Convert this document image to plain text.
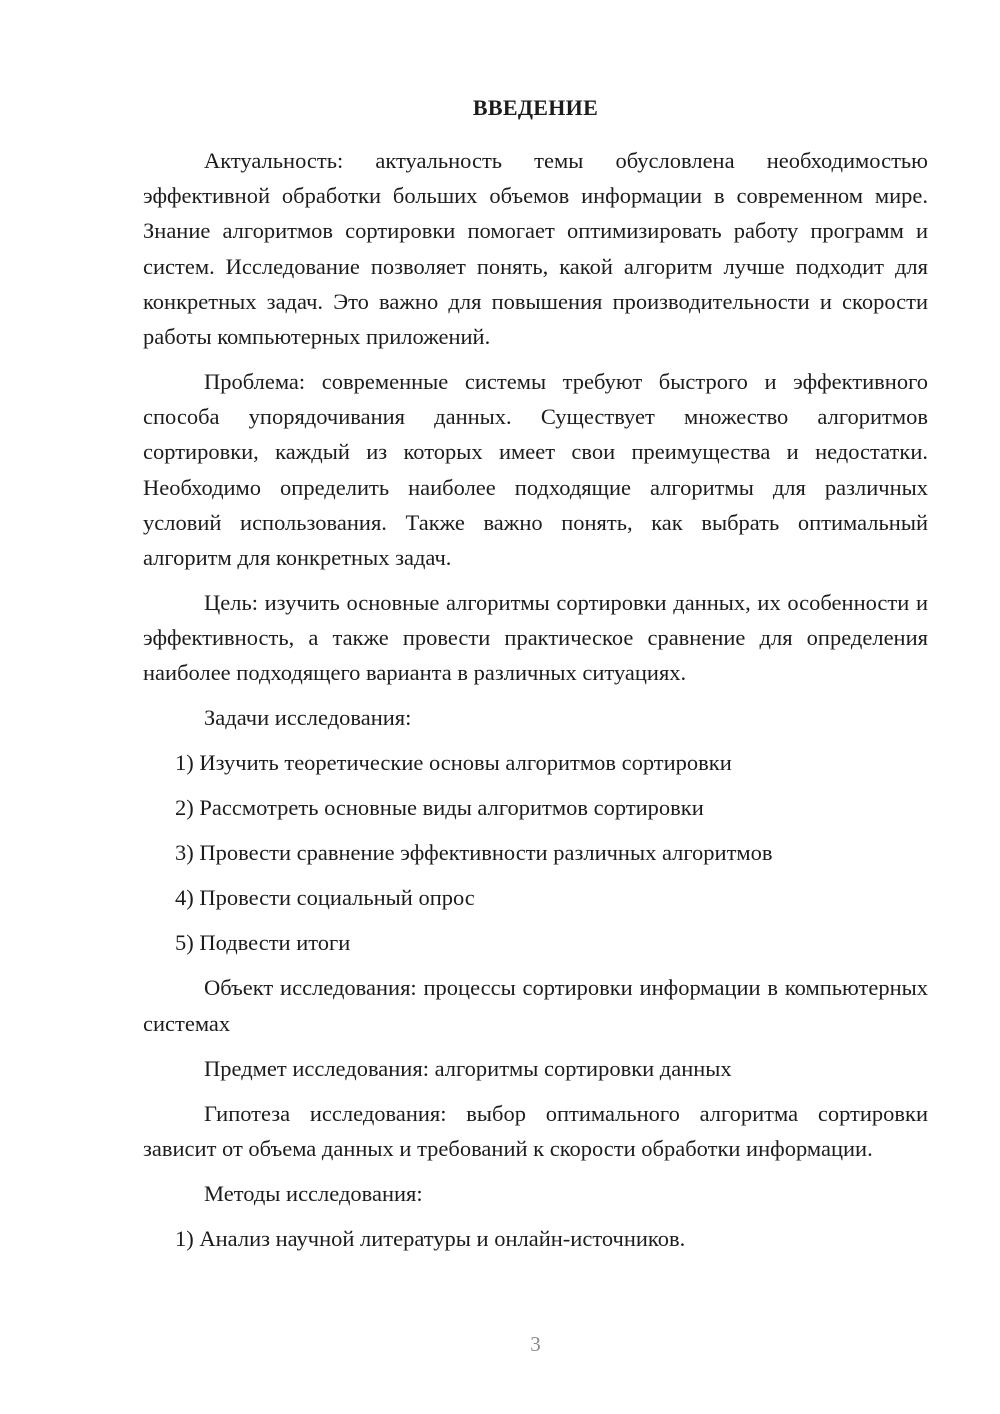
ВВЕДЕНИЕ

Актуальность: актуальность темы обусловлена необходимостью эффективной обработки больших объемов информации в современном мире. Знание алгоритмов сортировки помогает оптимизировать работу программ и систем. Исследование позволяет понять, какой алгоритм лучше подходит для конкретных задач. Это важно для повышения производительности и скорости работы компьютерных приложений.

Проблема: современные системы требуют быстрого и эффективного способа упорядочивания данных. Существует множество алгоритмов сортировки, каждый из которых имеет свои преимущества и недостатки. Необходимо определить наиболее подходящие алгоритмы для различных условий использования. Также важно понять, как выбрать оптимальный алгоритм для конкретных задач.

Цель: изучить основные алгоритмы сортировки данных, их особенности и эффективность, а также провести практическое сравнение для определения наиболее подходящего варианта в различных ситуациях.

Задачи исследования:

1) Изучить теоретические основы алгоритмов сортировки

2) Рассмотреть основные виды алгоритмов сортировки

3) Провести сравнение эффективности различных алгоритмов

4) Провести социальный опрос

5) Подвести итоги

Объект исследования: процессы сортировки информации в компьютерных системах

Предмет исследования: алгоритмы сортировки данных

Гипотеза исследования: выбор оптимального алгоритма сортировки зависит от объема данных и требований к скорости обработки информации.

Методы исследования:

1) Анализ научной литературы и онлайн-источников.

3
